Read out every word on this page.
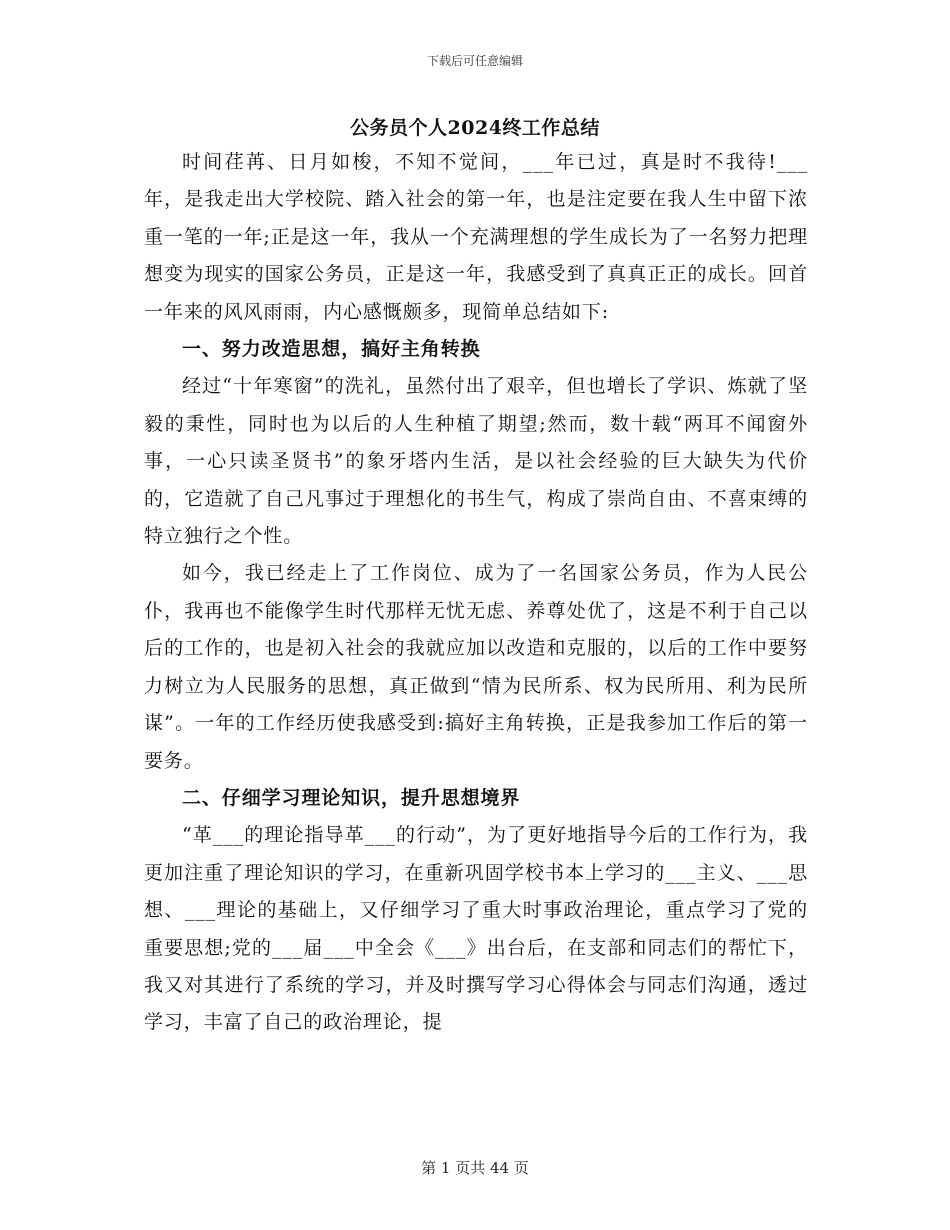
下载后可任意编辑
公务员个人2024终工作总结

时间荏苒、日月如梭，不知不觉间，___年已过，真是时不我待!___年，是我走出大学校院、踏入社会的第一年，也是注定要在我人生中留下浓重一笔的一年;正是这一年，我从一个充满理想的学生成长为了一名努力把理想变为现实的国家公务员，正是这一年，我感受到了真真正正的成长。回首一年来的风风雨雨，内心感慨颇多，现简单总结如下:

一、努力改造思想，搞好主角转换

经过“十年寒窗”的洗礼，虽然付出了艰辛，但也增长了学识、炼就了坚毅的秉性，同时也为以后的人生种植了期望;然而，数十载“两耳不闻窗外事，一心只读圣贤书”的象牙塔内生活，是以社会经验的巨大缺失为代价的，它造就了自己凡事过于理想化的书生气，构成了崇尚自由、不喜束缚的特立独行之个性。

如今，我已经走上了工作岗位、成为了一名国家公务员，作为人民公仆，我再也不能像学生时代那样无忧无虑、养尊处优了，这是不利于自己以后的工作的，也是初入社会的我就应加以改造和克服的，以后的工作中要努力树立为人民服务的思想，真正做到“情为民所系、权为民所用、利为民所谋”。一年的工作经历使我感受到:搞好主角转换，正是我参加工作后的第一要务。

二、仔细学习理论知识，提升思想境界

“革___的理论指导革___的行动”，为了更好地指导今后的工作行为，我更加注重了理论知识的学习，在重新巩固学校书本上学习的___主义、___思想、___理论的基础上，又仔细学习了重大时事政治理论，重点学习了党的重要思想;党的___届___中全会《___》出台后，在支部和同志们的帮忙下，我又对其进行了系统的学习，并及时撰写学习心得体会与同志们沟通，透过学习，丰富了自己的政治理论，提

第 1 页共 44 页
